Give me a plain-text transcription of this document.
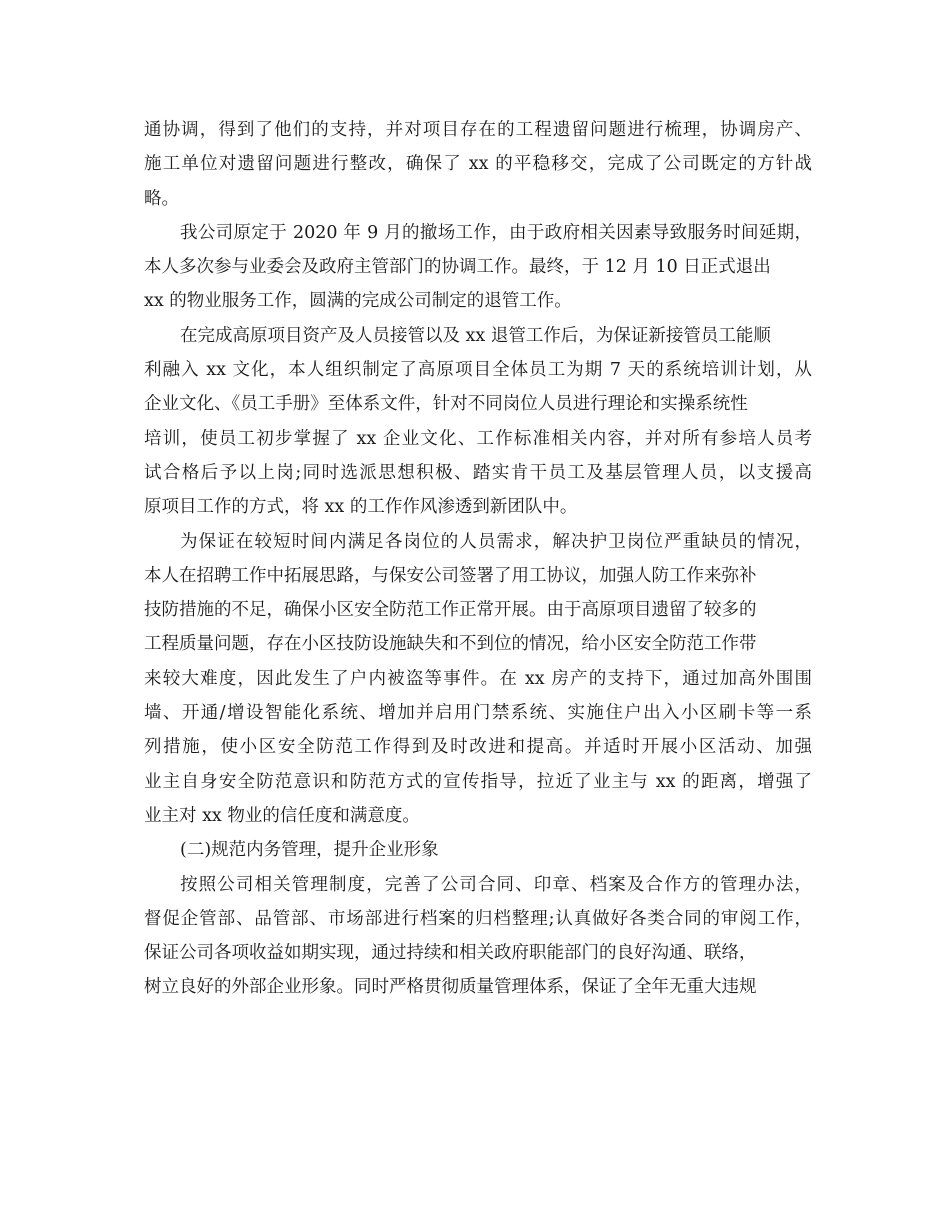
通协调，得到了他们的支持，并对项目存在的工程遗留问题进行梳理，协调房产、
施工单位对遗留问题进行整改，确保了 xx 的平稳移交，完成了公司既定的方针战
略。
我公司原定于 2020 年 9 月的撤场工作，由于政府相关因素导致服务时间延期，
本人多次参与业委会及政府主管部门的协调工作。最终，于 12 月 10 日正式退出
xx 的物业服务工作，圆满的完成公司制定的退管工作。
在完成高原项目资产及人员接管以及 xx 退管工作后，为保证新接管员工能顺
利融入 xx 文化，本人组织制定了高原项目全体员工为期 7 天的系统培训计划，从
企业文化、《员工手册》至体系文件，针对不同岗位人员进行理论和实操系统性
培训，使员工初步掌握了 xx 企业文化、工作标准相关内容，并对所有参培人员考
试合格后予以上岗;同时选派思想积极、踏实肯干员工及基层管理人员，以支援高
原项目工作的方式，将 xx 的工作作风渗透到新团队中。
为保证在较短时间内满足各岗位的人员需求，解决护卫岗位严重缺员的情况，
本人在招聘工作中拓展思路，与保安公司签署了用工协议，加强人防工作来弥补
技防措施的不足，确保小区安全防范工作正常开展。由于高原项目遗留了较多的
工程质量问题，存在小区技防设施缺失和不到位的情况，给小区安全防范工作带
来较大难度，因此发生了户内被盗等事件。在 xx 房产的支持下，通过加高外围围
墙、开通/增设智能化系统、增加并启用门禁系统、实施住户出入小区刷卡等一系
列措施，使小区安全防范工作得到及时改进和提高。并适时开展小区活动、加强
业主自身安全防范意识和防范方式的宣传指导，拉近了业主与 xx 的距离，增强了
业主对 xx 物业的信任度和满意度。
(二)规范内务管理，提升企业形象
按照公司相关管理制度，完善了公司合同、印章、档案及合作方的管理办法，
督促企管部、品管部、市场部进行档案的归档整理;认真做好各类合同的审阅工作，
保证公司各项收益如期实现，通过持续和相关政府职能部门的良好沟通、联络，
树立良好的外部企业形象。同时严格贯彻质量管理体系，保证了全年无重大违规
